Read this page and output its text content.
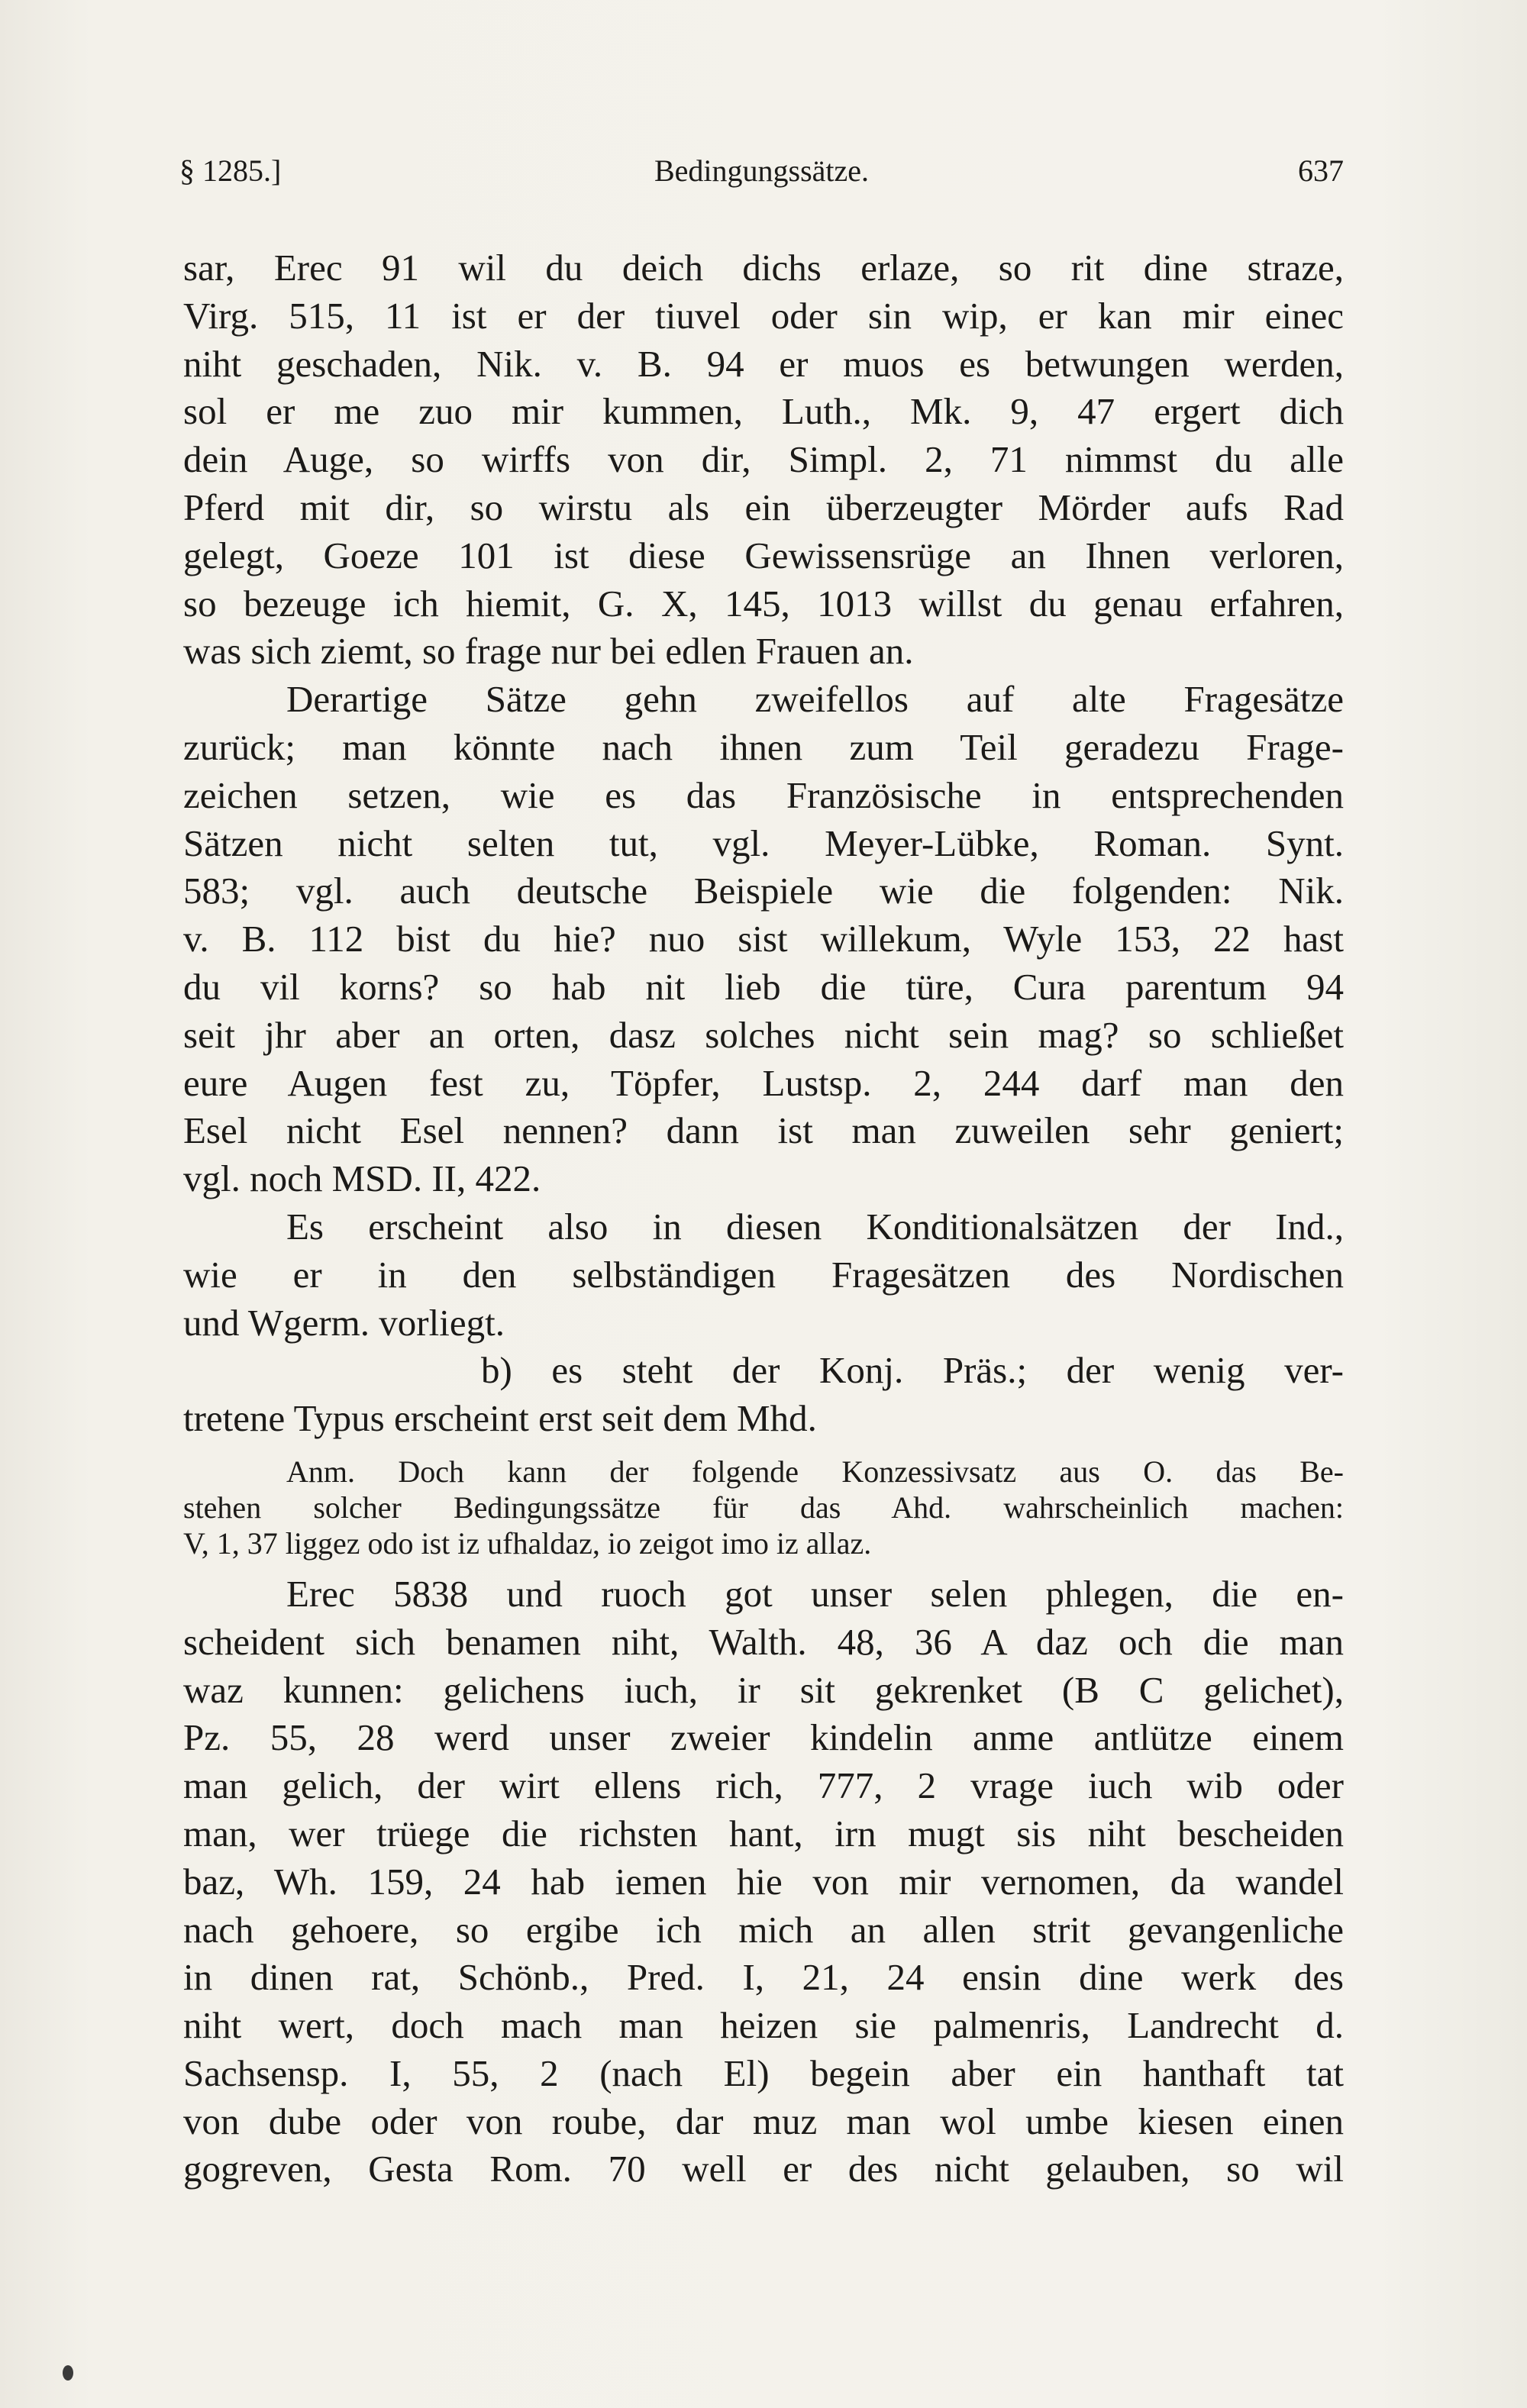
§ 1285.]	Bedingungssätze.	637
sar, Erec 91 wil du deich dichs erlaze, so rit dine straze,
Virg. 515, 11 ist er der tiuvel oder sin wip, er kan mir einec
niht geschaden, Nik. v. B. 94 er muos es betwungen werden,
sol er me zuo mir kummen, Luth., Mk. 9, 47 ergert dich
dein Auge, so wirffs von dir, Simpl. 2, 71 nimmst du alle
Pferd mit dir, so wirstu als ein überzeugter Mörder aufs Rad
gelegt, Goeze 101 ist diese Gewissensrüge an Ihnen verloren,
so bezeuge ich hiemit, G. X, 145, 1013 willst du genau erfahren,
was sich ziemt, so frage nur bei edlen Frauen an.
Derartige Sätze gehn zweifellos auf alte Fragesätze
zurück; man könnte nach ihnen zum Teil geradezu Frage-
zeichen setzen, wie es das Französische in entsprechenden
Sätzen nicht selten tut, vgl. Meyer-Lübke, Roman. Synt.
583; vgl. auch deutsche Beispiele wie die folgenden: Nik.
v. B. 112 bist du hie? nuo sist willekum, Wyle 153, 22 hast
du vil korns? so hab nit lieb die türe, Cura parentum 94
seit jhr aber an orten, dasz solches nicht sein mag? so schließet
eure Augen fest zu, Töpfer, Lustsp. 2, 244 darf man den
Esel nicht Esel nennen? dann ist man zuweilen sehr geniert;
vgl. noch MSD. II, 422.
Es erscheint also in diesen Konditionalsätzen der Ind.,
wie er in den selbständigen Fragesätzen des Nordischen
und Wgerm. vorliegt.
b) es steht der Konj. Präs.; der wenig ver-
tretene Typus erscheint erst seit dem Mhd.
Anm. Doch kann der folgende Konzessivsatz aus O. das Be-
stehen solcher Bedingungssätze für das Ahd. wahrscheinlich machen:
V, 1, 37 liggez odo ist iz ufhaldaz, io zeigot imo iz allaz.
Erec 5838 und ruoch got unser selen phlegen, die en-
scheident sich benamen niht, Walth. 48, 36 A daz och die man
waz kunnen: gelichens iuch, ir sit gekrenket (B C gelichet),
Pz. 55, 28 werd unser zweier kindelin anme antlütze einem
man gelich, der wirt ellens rich, 777, 2 vrage iuch wib oder
man, wer trüege die richsten hant, irn mugt sis niht bescheiden
baz, Wh. 159, 24 hab iemen hie von mir vernomen, da wandel
nach gehoere, so ergibe ich mich an allen strit gevangenliche
in dinen rat, Schönb., Pred. I, 21, 24 ensin dine werk des
niht wert, doch mach man heizen sie palmenris, Landrecht d.
Sachsensp. I, 55, 2 (nach El) begein aber ein hanthaft tat
von dube oder von roube, dar muz man wol umbe kiesen einen
gogreven, Gesta Rom. 70 well er des nicht gelauben, so wil
